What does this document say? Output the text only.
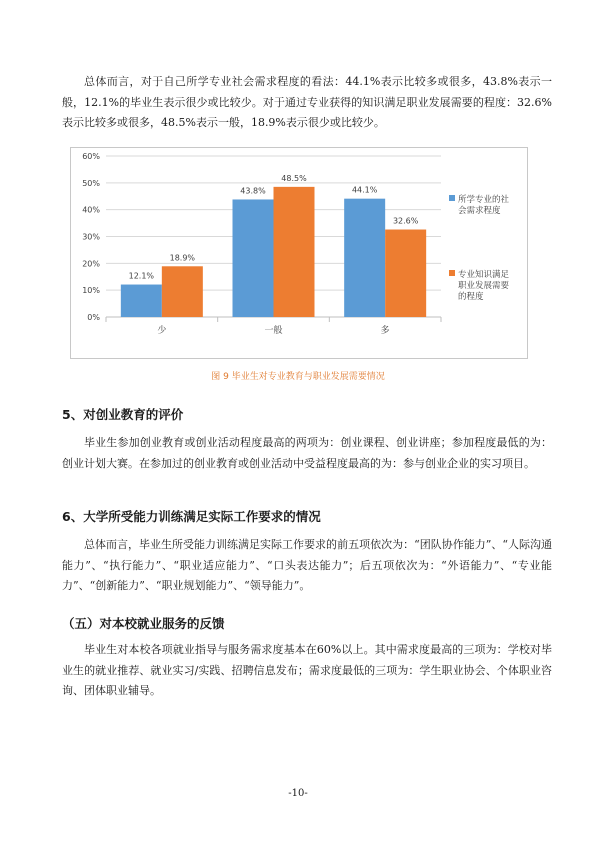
总体而言，对于自己所学专业社会需求程度的看法：44.1%表示比较多或很多，43.8%表示一般，12.1%的毕业生表示很少或比较少。对于通过专业获得的知识满足职业发展需要的程度：32.6%表示比较多或很多，48.5%表示一般，18.9%表示很少或比较少。

0%
10%
20%
30%
40%
50%
60%
少
12.1%
18.9%
一般
43.8%
48.5%
多
44.1%
32.6%
所学专业的社
会需求程度
专业知识满足
职业发展需要
的程度
图 9 毕业生对专业教育与职业发展需要情况
5、对创业教育的评价

毕业生参加创业教育或创业活动程度最高的两项为：创业课程、创业讲座；参加程度最低的为：创业计划大赛。在参加过的创业教育或创业活动中受益程度最高的为：参与创业企业的实习项目。

6、大学所受能力训练满足实际工作要求的情况

总体而言，毕业生所受能力训练满足实际工作要求的前五项依次为：“团队协作能力”、“人际沟通能力”、“执行能力”、“职业适应能力”、“口头表达能力”；后五项依次为：“外语能力”、“专业能力”、“创新能力”、“职业规划能力”、“领导能力”。

（五）对本校就业服务的反馈

毕业生对本校各项就业指导与服务需求度基本在60%以上。其中需求度最高的三项为：学校对毕业生的就业推荐、就业实习/实践、招聘信息发布；需求度最低的三项为：学生职业协会、个体职业咨询、团体职业辅导。

-10-
